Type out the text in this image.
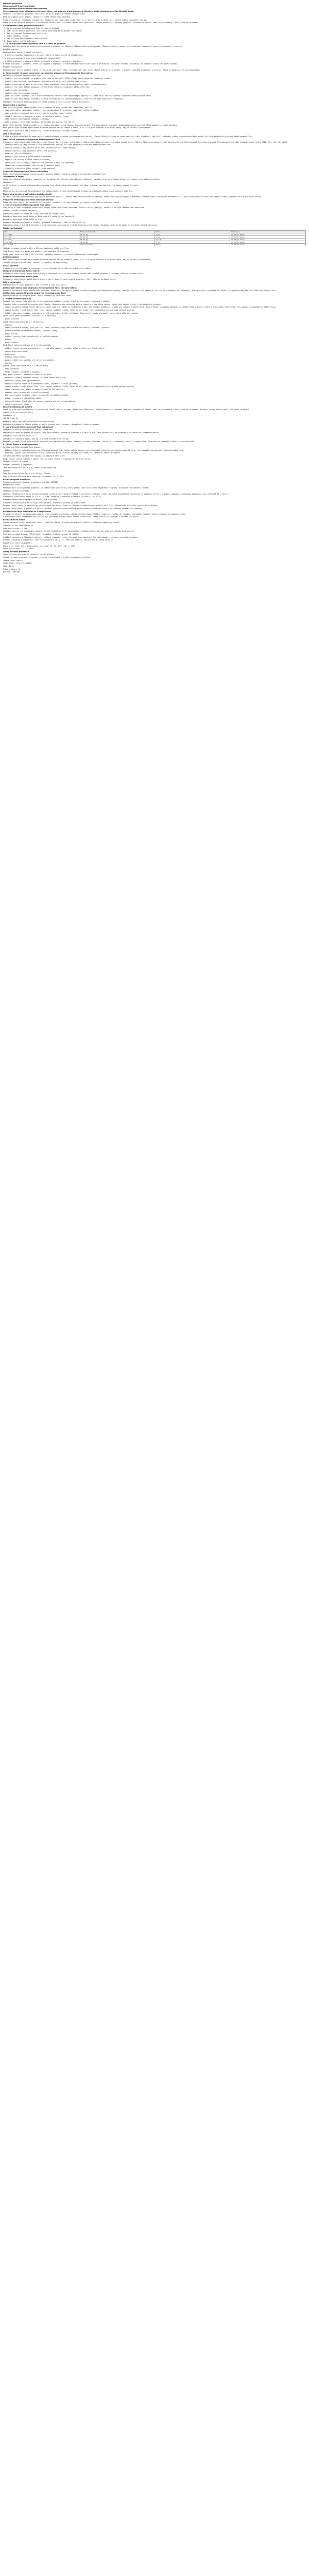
Návod k přípravku
Metoclopramid Teva 10 mg tablety
Metoclopramidi hydrochloridum monohydricum
Čtěte pozorně celou příbalovou informaci dříve, než začnete tento přípravek užívat, protože obsahuje pro Vás důležité údaje.

Ponechte si příbalovou informaci pro případ, že si ji budete potřebovat přečíst znovu.

Máte-li jakékoli další otázky, zeptejte se svého lékaře nebo lékárníka.

Tento přípravek byl předepsán výhradně Vám. Nedávejte jej žádné další osobě. Mohl by jí ublížit, a to i tehdy, má-li stejné známky onemocnění jako Vy.

Pokud se u Vás vyskytne kterýkoli z nežádoucích účinků, sdělte to svému lékaři nebo lékárníkovi. Stejně postupujte v případě jakýchkoli nežádoucích účinků, které nejsou uvedeny v této příbalové informaci.

Co naleznete v této příbalové informaci
1. Co je přípravek Metoclopramid Teva a k čemu se používá
2. Čemu musíte věnovat pozornost, než začnete přípravek Metoclopramid Teva užívat
3. Jak se přípravek Metoclopramid Teva užívá
4. Možné nežádoucí účinky
5. Jak přípravek Metoclopramid Teva uchovávat
6. Obsah balení a další informace
1. Co je přípravek Metoclopramid Teva a k čemu se používá

Metoclopramid Teva patří do skupiny léků nazývaných antiemetika. Obsahuje léčivou látku metoklopramid. Působí na oblast v mozku, která zabraňuje nevolnosti (pocitu na zvracení) a zvracení.

Dospělá populace

Metoclopramid Teva se u dospělých používá:

- k prevenci opožděné nevolnosti a zvracení, které se mohou objevit po chemoterapii,

- k prevenci nevolnosti a zvracení způsobených radioterapií,

- k léčbě nevolnosti a zvracení včetně nevolnosti a zvracení spojených s migrénou.

K léčbě nevolnosti a zvracení, které jsou spojené s migrénou, je možné metoklopramid užívat spolu s perorálními léky proti bolesti (analgetiky) ke zlepšení účinku léků proti bolesti.

Pediatrická populace

Metoclopramid Teva se používá u dětí (ve věku 1-18 let) pouze tehdy, jestliže jiné léky nejsou účinné nebo je nelze použít, k prevenci opožděné nevolnosti a zvracení, které se mohou objevit po chemoterapii.

2. Čemu musíte věnovat pozornost, než začnete přípravek Metoclopramid Teva užívat

Neužívejte přípravek Metoclopramid Teva

- jestliže jste alergický(á) na metoklopramid nebo na kteroukoli další složku tohoto přípravku (uvedenou v bodě 6),

- jestliže máte krvácení, neprůchodnost nebo perforaci (protržení) žaludku nebo střeva,

- jestliže máte nebo by mohl(a) mít vzácný nádor nadledvin, který se nachází blízko ledvin (feochromocytom),

- jestliže jste někdy měl(a) mimovolní svalové křeče (tardivní dyskinezi) během léčby léky,

- jestliže máte epilepsii,

- jestliže máte Parkinsonovu chorobu,

- jestliže užíváte levodopu (lék k léčbě Parkinsonovy choroby) nebo dopaminergní agonisty (viz níže Další léčivé přípravky a přípravek Metoclopramid Teva),

- jestliže jste někdy měl(a) abnormální hladiny krevního barviva (methemoglobinemii) nebo deficit NADH cytochrom-b5 reduktázy.

Nepodávejte přípravek Metoclopramid Teva dětem mladším 1 roku (viz níže Děti a dospívající).

Upozornění a opatření

Před užitím přípravku Metoclopramid Teva se poraďte se svým lékařem nebo lékárníkem, jestliže:

- jste někdy měl(a) abnormální srdeční rytmus (prodloužení QT intervalu) nebo jiné srdeční problémy,

- máte problémy s hladinami solí v krvi, jako je draslík, sodík a hořčík,

- užíváte jiné léky, o kterých je známo, že ovlivňují srdeční rytmus,

- máte jakékoli neurologické (mozkové) problémy,

- máte problémy s játry nebo ledvinami. Dávka může být snížena (viz bod 3).

Během léčby Vám může lékař provádět krevní testy, aby zkontroloval hladiny krevního barviva. Při abnormálních hladinách (methemoglobinemie) musí být léčba okamžitě a trvale ukončena.

Mezi jednotlivými dávkami metoklopramidu musíte dodržet odstup alespoň 6 hodin, a to i v případě zvracení a vyloučení dávky, aby se zabránilo předávkování.

Léčba nesmí trvat déle než 3 měsíce kvůli riziku mimovolního svalového škubání.

Děti a dospívající

U dětí a mladých dospělých se mohou objevit nekontrolovatelné pohyby (extrapyramidové poruchy). Tento léčivý přípravek se nesmí používat u dětí mladších 1 roku kvůli zvýšenému riziku nekontrolovatelných pohybů (viz výše Neužívejte přípravek Metoclopramid Teva).

Další léčivé přípravky a přípravek Metoclopramid Teva

Informujte svého lékaře nebo lékárníka o všech lécích, které užíváte, které jste v nedávné době užíval(a) nebo které možná budete užívat. Některé léky totiž mohou ovlivnit účinek přípravku Metoclopramid Teva nebo přípravek Metoclopramid Teva může ovlivnit účinek jiných léků. Mezi tyto léky patří:

- levodopa nebo jiné léky užívané k léčbě Parkinsonovy choroby (viz výše Neužívejte přípravek Metoclopramid Teva),

- anticholinergika (léky užívané ke zmírnění žaludečních křečí nebo spasmů),

- deriváty morfinu (léky užívané k léčbě silné bolesti),

- sedativa (léky na uklidnění),

- jakékoli léky užívané k léčbě duševních problémů,

- digoxin (lék užívaný k léčbě srdečního selhání),

- cyklosporin (lék užívaný k léčbě určitých problémů s imunitním systémem),

- mivakurium a suxamethonium (léky užívané k uvolnění svalů),

- fluoxetin a paroxetin (léky užívané k léčbě deprese).

Přípravek Metoclopramid Teva s alkoholem

Během léčby metoklopramidem nepijte alkohol, protože zvyšuje sedativní účinek přípravku Metoclopramid Teva.

Těhotenství a kojení

Pokud jste těhotná nebo kojíte, domníváte se, že můžete být těhotná, nebo plánujete otěhotnět, poraďte se se svým lékařem dříve, než začnete tento přípravek užívat.

Těhotenství

Je-li to nutné, je možné přípravek Metoclopramid Teva užívat během těhotenství. Váš lékař rozhodne, zda Vám tento lék můžete užívat či nikoli.

Kojení

Během kojení se přípravek Metoclopramid Teva nedoporučuje, protože metoklopramid přechází do mateřského mléka a může ovlivnit Vaše dítě.

Řízení dopravních prostředků a obsluha strojů

Po užití přípravku Metoclopramid Teva můžete pociťovat ospalost, závratě nebo nekontrolovatelné záškuby, trhavé nebo svíjivé pohyby a abnormální svalové napětí způsobující deformaci těla. Tyto účinky mohou ovlivnit Vaše vidění a také schopnost řídit a obsluhovat stroje.

Přípravek Metoclopramid Teva obsahuje laktózu

Pokud Vám lékař sdělil, že nesnášíte některé cukry, poraďte se se svým lékařem, než začnete tento léčivý přípravek užívat.

3. Jak se přípravek Metoclopramid Teva užívá

Vždy užívejte tento přípravek přesně podle pokynů svého lékaře nebo lékárníka. Pokud si nejste jistý(á), poraďte se se svým lékařem nebo lékárníkem.

Všechny indikace (dospělí pacienti)

Doporučená jednotlivá dávka je 10 mg, opakovaně až třikrát denně.

Maximální doporučená denní dávka je 30 mg nebo 0,5 mg/kg tělesné hmotnosti.

Maximální doporučená délka léčby je 5 dní.

Prevence opožděné nevolnosti a zvracení způsobené chemoterapií (děti ve věku 1-18 let)

Doporučená dávka je 0,1 až 0,15 mg/kg tělesné hmotnosti, opakovaně až třikrát denně perorálně (ústy). Maximální dávka za 24 hodin je 0,5 mg/kg tělesné hmotnosti.

Dávkovací tabulka
Věk	Tělesná hmotnost	Dávka	Frekvence
1-3 roky	10-14 kg	1 mg	Až 3krát denně
3-5 let	15-19 kg	2 mg	Až 3krát denně
5-9 let	20-29 kg	2,5 mg	Až 3krát denně
9-18 let	30-60 kg	5 mg	Až 3krát denně
15-18 let	Více než 60 kg	10 mg	Až 3krát denně

Tablety se nemají užívat u dětí s tělesnou hmotností nižší než 61 kg.

Jiné lékové formy/síly mohou být vhodnější pro podávání této populaci.

Léčba nesmí trvat déle než 5 dní k prevenci opožděné nevolnosti a zvracení způsobených chemoterapií.

Způsob podání

Mezi jednotlivými dávkami metoklopramidu musíte dodržet odstup alespoň 6 hodin, a to i v případě zvracení a vyloučení dávky, aby se zabránilo předávkování.

Tablety zapijte sklenicí vody. Tabletu lze rozdělit na stejné dávky.

Starší pacienti

V závislosti na problémech s ledvinami, játry a celkovém zdraví může být nutné snížit dávku.

Dospělí se zhoršenou funkcí ledvin

Informujte svého lékaře, pokud máte problémy s ledvinami. Jestliže máte středně závažné nebo závažné problémy s ledvinami, měla by se dávka snížit.

Dospělí se zhoršenou funkcí jater

Informujte svého lékaře, pokud máte problémy s játry. Jestliže máte závažné problémy s játry, měla by se dávka snížit.

Děti a dospívající

Metoklopramid se nesmí používat u dětí mladších 1 roku (viz bod 2).

Jestliže jste užil(a) více přípravku Metoclopramid Teva, než jste měl(a)

Okamžitě kontaktujte svého lékaře nebo lékárníka. Mohou se u Vás objevit nekontrolovatelné pohyby (extrapyramidové poruchy), mohl(a) byste se cítit ospalý(á), mít potíže s vědomím, být zmatený(á), mít halucinace a problémy se srdcem. V případě potřeby Vám lékař může tyto účinky léčit.

Jestliže jste zapomněl(a) užít přípravek Metoclopramid Teva

Nezdvojnásobujte následující dávku, abyste nahradil(a) vynechanou dávku.

4. Možné nežádoucí účinky

Podobně jako všechny léky může mít i tento přípravek nežádoucí účinky, které se ale nemusí vyskytnout u každého.

Přerušte léčbu a okamžitě informujte svého lékaře, lékárníka nebo zdravotní sestru, pokud se u Vás během užívání tohoto léku objeví některý z následujících příznaků:

- nekontrolovatelné pohyby (často zahrnující hlavu nebo krk). Mohou se vyskytnout u dětí nebo mladých dospělých, zejména při užívání vysokých dávek. Tyto příznaky se obvykle objevují na začátku léčby a mohou se objevit i po podání jedné dávky. Tyto pohyby po odpovídající léčbě vymizí.

- vysoká horečka, vysoký krevní tlak, křeče, pocení, zvýšené slinění. Mohou to být známky stavu nazývaného neuroleptický maligní syndrom.

- svědění nebo kožní vyrážka, otok obličeje, rtů nebo hrdla, obtíže s dýcháním. Mohou to být známky alergické reakce, která může být závažná.

Velmi časté (mohou postihnout více než 1 z 10 pacientů)

- pocit ospalosti.

Časté (mohou postihnout až 1 z 10 pacientů)

- deprese,

- nekontrolovatelné pohyby, jako jsou tiky, třes, kroutivé pohyby nebo svalové kontraktury (ztuhlost, rigidita),

- příznaky podobné Parkinsonově chorobě (rigidita, třes),

- pocit neklidu,

- snížení krevního tlaku (zejména při nitrožilním podání),

- průjem,

- pocit slabosti.

Méně časté (mohou postihnout až 1 ze 100 pacientů)

- zvýšené hladiny hormonu prolaktinu v krvi, což může způsobit: produkci mléka u mužů a žen, které nekojí,

- nepravidelné menstruace,

- halucinace,

- snížená úroveň vědomí,

- pomalý srdeční tep (zejména při nitrožilním podání),

- alergie.

Vzácné (mohou postihnout až 1 z 1 000 pacientů)

- stav zmatenosti,

- křeče (zejména u pacientů s epilepsií).

Není známo (četnost z dostupných údajů nelze určit)

- abnormální hladiny krevního barviva, což může změnit barvu kůže,

- abnormální rozvoj prsů (gynekomastie),

- mimovolní svalové křeče po dlouhodobém užívání, zejména u starších pacientů,

- vysoká horečka, vysoký krevní tlak, křeče, pocení, zvýšené slinění. Mohou to být známky stavu nazývaného neuroleptický maligní syndrom,

- změny srdečního tepu, které se mohou projevit na EKG vyšetření,

- zástava srdce (zejména při nitrožilním podání),

- šok (silný pokles krevního tlaku) (zejména při nitrožilním podání),

- mdloby (zejména při nitrožilním podání),

- alergická reakce, která může být závažná (zejména při nitrožilním podání),

- velmi vysoký krevní tlak.

Hlášení nežádoucích účinků

Pokud se u Vás vyskytne kterýkoli z nežádoucích účinků, sdělte to svému lékaři nebo lékárníkovi. Stejně postupujte v případě jakýchkoli nežádoucích účinků, které nejsou uvedeny v této příbalové informaci. Nežádoucí účinky můžete hlásit také přímo na adresu:

Státní ústav pro kontrolu léčiv

Šrobárova 48

100 41 Praha 10

Webové stránky: www.sukl.cz/nahlasit-nezadouci-ucinek

Nahlášením nežádoucích účinků můžete přispět k získání více informací o bezpečnosti tohoto přípravku.

5. Jak přípravek Metoclopramid Teva uchovávat

Uchovávejte tento přípravek mimo dohled a dosah dětí.

Nepoužívejte tento přípravek po uplynutí doby použitelnosti uvedené na krabičce a blistru za EXP. Doba použitelnosti se vztahuje k poslednímu dni uvedeného měsíce.

Uchovávejte při teplotě do 25 °C.

Uchovávejte v původním obalu, aby byl přípravek chráněn před světlem.

Nevyhazujte žádné léčivé přípravky do odpadních vod nebo domácího odpadu. Zeptejte se svého lékárníka, jak naložit s přípravky, které již nepoužíváte. Tato opatření pomáhají chránit životní prostředí.

6. Obsah balení a další informace

Co přípravek Metoclopramid Teva obsahuje

- Léčivou látkou je metoclopramidi hydrochloridum monohydricum. Jedna tableta obsahuje metoclopramidi hydrochloridum monohydricum 10,54 mg, což odpovídá metoclopramidi hydrochloridum 10 mg.

- Pomocnými látkami jsou monohydrát laktózy, kukuřičný škrob, koloidní bezvodý oxid křemičitý, želatina, magnesium-stearát.

Jak přípravek Metoclopramid Teva vypadá a co obsahuje toto balení

Bílé, kulaté, ploché tablety s půlicí rýhou na jedné straně a vyraženým „M“ na druhé straně.

Velikost balení: 50 tablet.

Držitel rozhodnutí o registraci

Teva Pharmaceuticals CR, s.r.o., Praha, Česká republika

Výrobce

Teva Operations Poland Sp. z o.o., Krakov, Polsko

Tato příbalová informace byla naposledy revidována: 12. 3. 2020

Farmakologické vlastnosti

Farmakoterapeutická skupina: propulziva, ATC kód: A03FA01

Mechanismus účinku

Metoklopramid je antagonista dopaminu s antiemetickými vlastnostmi, který působí také na periferní dopaminové receptory. Urychluje vyprazdňování žaludku.

Farmakokinetické vlastnosti

Absorpce: Metoklopramid se po perorálním podání rychle a téměř úplně vstřebává z gastrointestinálního traktu. Maximální plazmatické koncentrace je dosaženo za 0,5 až 2 hodiny. Absolutní biologická dostupnost činí přibližně 80 ± 15,5 %.

Distribuce: Distribuční objem je 2,2 až 3,4 l/kg. Vazba na plazmatické bílkoviny je nízká (13 až 22 %).

Biotransformace: Metoklopramid se metabolizuje v játrech.

Eliminace: Metoklopramid se vylučuje převážně močí. Eliminační poločas je 5 až 6 hodin.

Porucha funkce ledvin: U pacientů se závažnou poruchou funkce ledvin se clearance metoklopramidu snižuje až o 70 % a plazmatický eliminační poločas se prodlužuje.

Porucha funkce jater: U pacientů s jaterní cirhózou byla pozorována kumulace metoklopramidu, která souvisela s 50% snížením plazmatické clearance.

Předklinické údaje vztahující se k bezpečnosti

Ve studiích toxicity po opakovaném podávání a ve studiích genotoxicity nebyly zjištěny žádné zvláštní riziko pro člověka. Ve studiích reprodukční toxicity nebyly prokázány teratogenní účinky.

V dlouhodobé studii kancerogenity u potkanů byl pozorován zvýšený výskyt nádorů mléčné žlázy, které souvisí se zvýšenými hladinami prolaktinu.

Farmaceutické údaje

Seznam pomocných látek: monohydrát laktózy, kukuřičný škrob, koloidní bezvodý oxid křemičitý, želatina, magnesium-stearát.

Inkompatibility: Neuplatňuje se.

Doba použitelnosti: 5 let.

Zvláštní opatření pro uchovávání: Uchovávejte při teplotě do 25 °C. Uchovávejte v původním obalu, aby byl přípravek chráněn před světlem.

Druh obalu a obsah balení: PVC/Al blistr, krabička. Velikost balení: 50 tablet.

Zvláštní opatření pro likvidaci přípravku: Veškerý nepoužitý léčivý přípravek nebo odpad musí být zlikvidován v souladu s místními požadavky.

Držitel rozhodnutí o registraci: Teva Pharmaceuticals CR, s.r.o., Radlická 3185/1c, 150 00 Praha 5, Česká republika

Registrační číslo: 20/021/70-C

Datum první registrace / prodloužení registrace: 14. 12. 1970 / 28. 1. 2015

Datum revize textu: 12. 3. 2020

Výdej léčivého přípravku

Výdej léčivého přípravku je vázán na lékařský předpis.

Úhrada léčivého přípravku: Přípravek je hrazen z prostředků veřejného zdravotního pojištění.

Léková forma: tableta

Cesta podání: perorální podání

Síla: 10 mg

Počet v balení: 50

Kód SÚKL: 0002148
